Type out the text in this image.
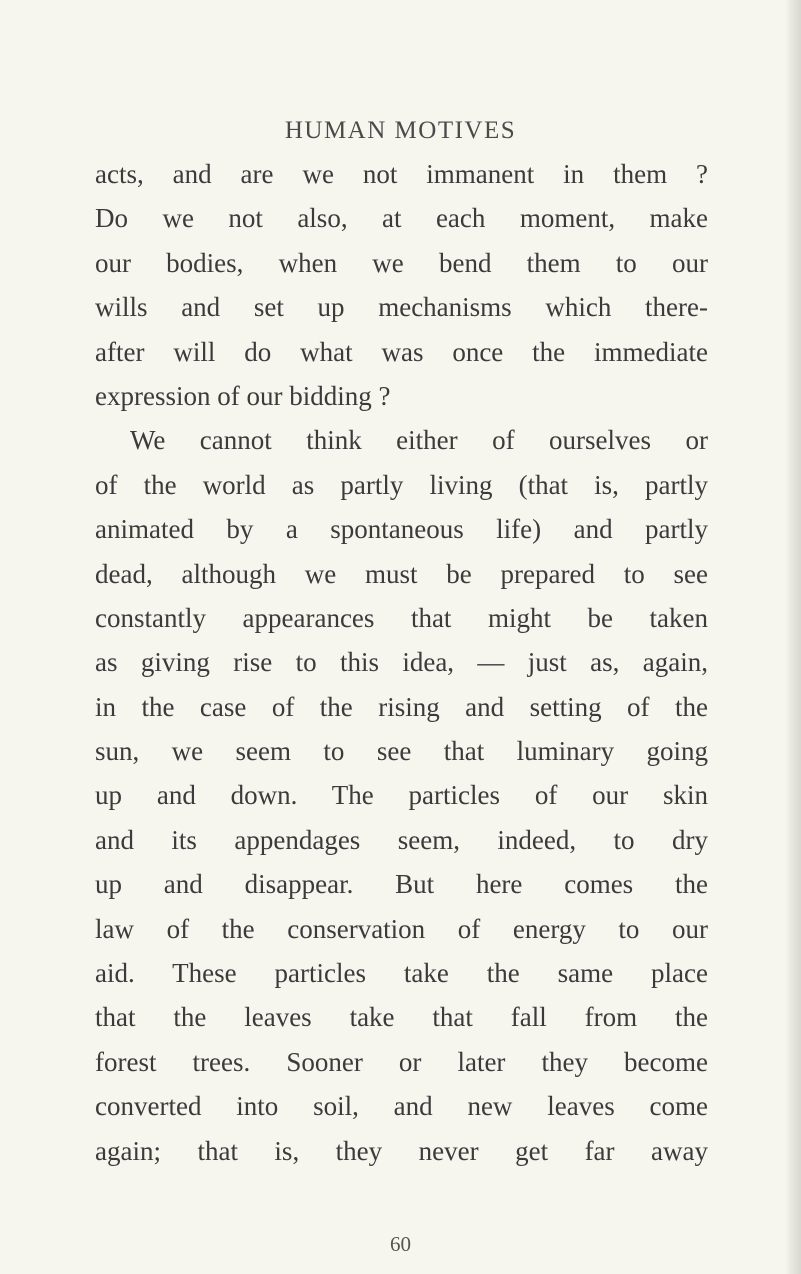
HUMAN MOTIVES
acts, and are we not immanent in them ?
Do we not also, at each moment, make
our bodies, when we bend them to our
wills and set up mechanisms which there-
after will do what was once the immediate
expression of our bidding ?
We cannot think either of ourselves or
of the world as partly living (that is, partly
animated by a spontaneous life) and partly
dead, although we must be prepared to see
constantly appearances that might be taken
as giving rise to this idea, — just as, again,
in the case of the rising and setting of the
sun, we seem to see that luminary going
up and down. The particles of our skin
and its appendages seem, indeed, to dry
up and disappear. But here comes the
law of the conservation of energy to our
aid. These particles take the same place
that the leaves take that fall from the
forest trees. Sooner or later they become
converted into soil, and new leaves come
again; that is, they never get far away
60
